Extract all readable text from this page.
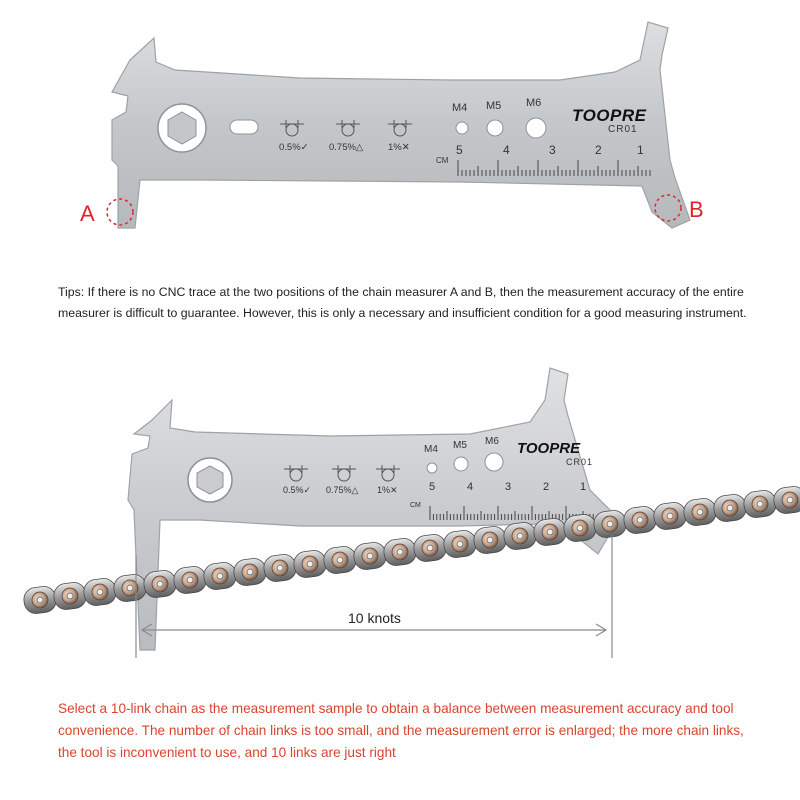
M4 M5 M6
TOOPRE
CR01
0.5%✓ 0.75%△	1%✕
CM
5	4	3	2	1
A	B
Tips: If there is no CNC trace at the two positions of the chain measurer A and B, then the measurement accuracy of the entire measurer is difficult to guarantee. However, this is only a necessary and insufficient condition for a good measuring instrument.
M4 M5 M6 TOOPRE
CR01
0.5%✓ 0.75%△ 1%✕
CM
5	4	3	2	1
10 knots
Select a 10-link chain as the measurement sample to obtain a balance between measurement accuracy and tool convenience. The number of chain links is too small, and the measurement error is enlarged; the more chain links, the tool is inconvenient to use, and 10 links are just right
